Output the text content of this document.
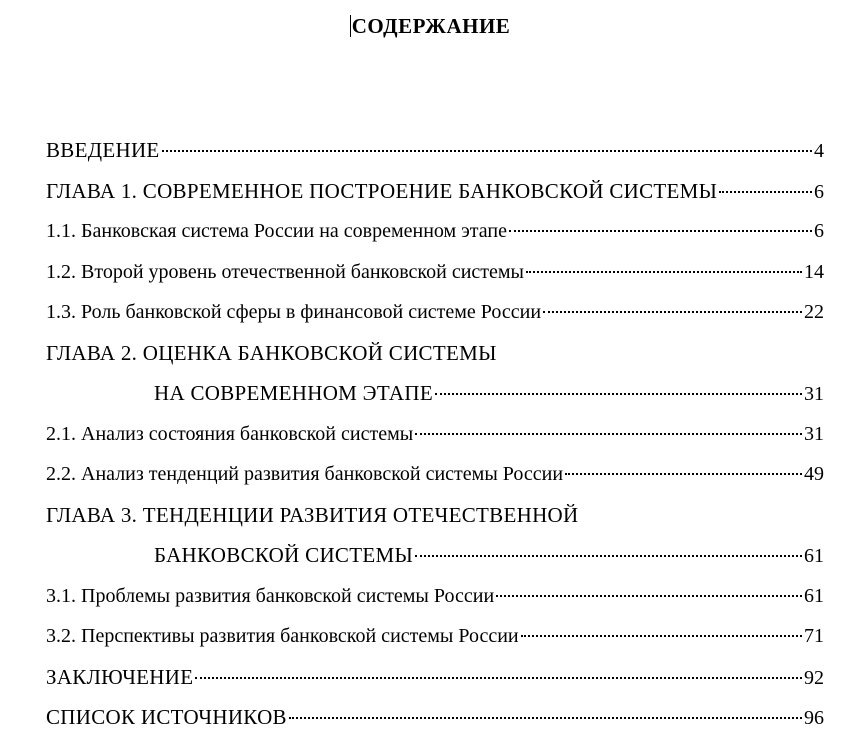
СОДЕРЖАНИЕ
ВВЕДЕНИЕ	4
ГЛАВА 1. СОВРЕМЕННОЕ ПОСТРОЕНИЕ БАНКОВСКОЙ СИСТЕМЫ	6
1.1. Банковская система России на современном этапе	6
1.2. Второй уровень отечественной банковской системы	14
1.3. Роль банковской сферы в финансовой системе России	22
ГЛАВА 2. ОЦЕНКА БАНКОВСКОЙ СИСТЕМЫ
НА СОВРЕМЕННОМ ЭТАПЕ	31
2.1. Анализ состояния банковской системы	31
2.2. Анализ тенденций развития банковской системы России	49
ГЛАВА 3. ТЕНДЕНЦИИ РАЗВИТИЯ ОТЕЧЕСТВЕННОЙ
БАНКОВСКОЙ СИСТЕМЫ	61
3.1. Проблемы развития банковской системы России	61
3.2. Перспективы развития банковской системы России	71
ЗАКЛЮЧЕНИЕ	92
СПИСОК ИСТОЧНИКОВ	96
